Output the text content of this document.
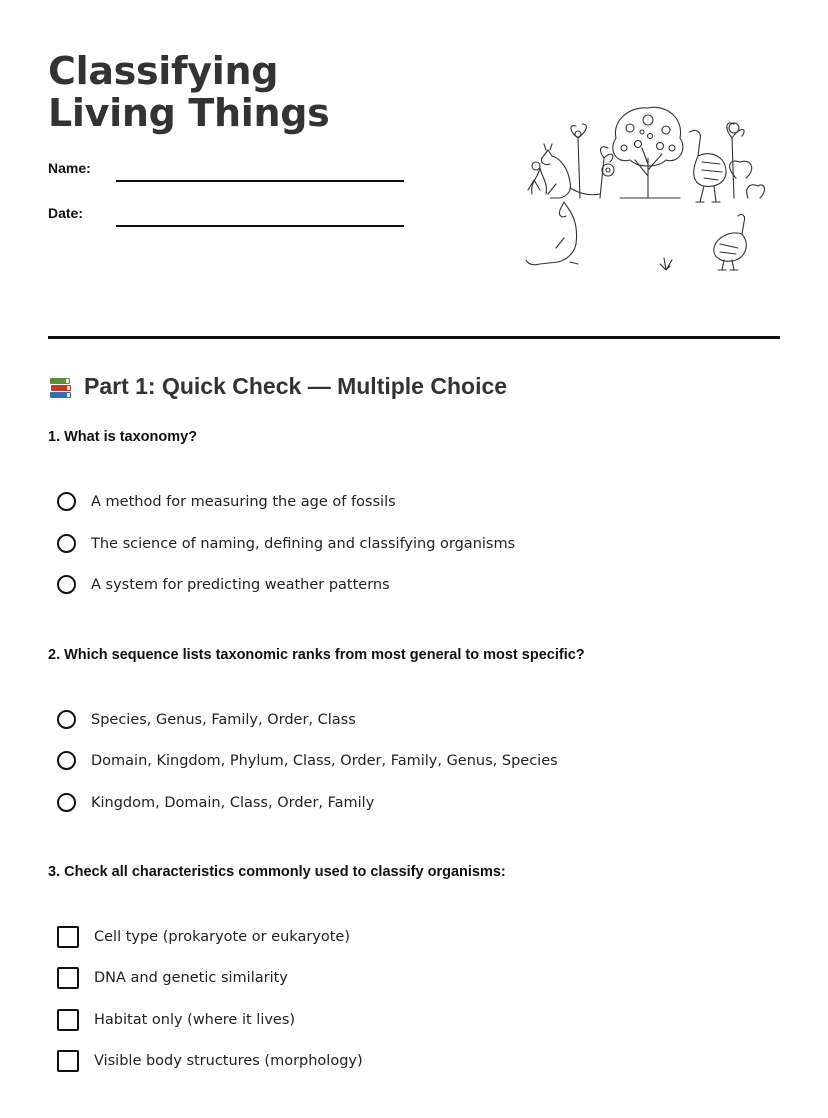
Classifying Living Things
Name:
Date:
Part 1: Quick Check — Multiple Choice
1. What is taxonomy?
A method for measuring the age of fossils
The science of naming, defining and classifying organisms
A system for predicting weather patterns
2. Which sequence lists taxonomic ranks from most general to most specific?
Species, Genus, Family, Order, Class
Domain, Kingdom, Phylum, Class, Order, Family, Genus, Species
Kingdom, Domain, Class, Order, Family
3. Check all characteristics commonly used to classify organisms:
Cell type (prokaryote or eukaryote)
DNA and genetic similarity
Habitat only (where it lives)
Visible body structures (morphology)
